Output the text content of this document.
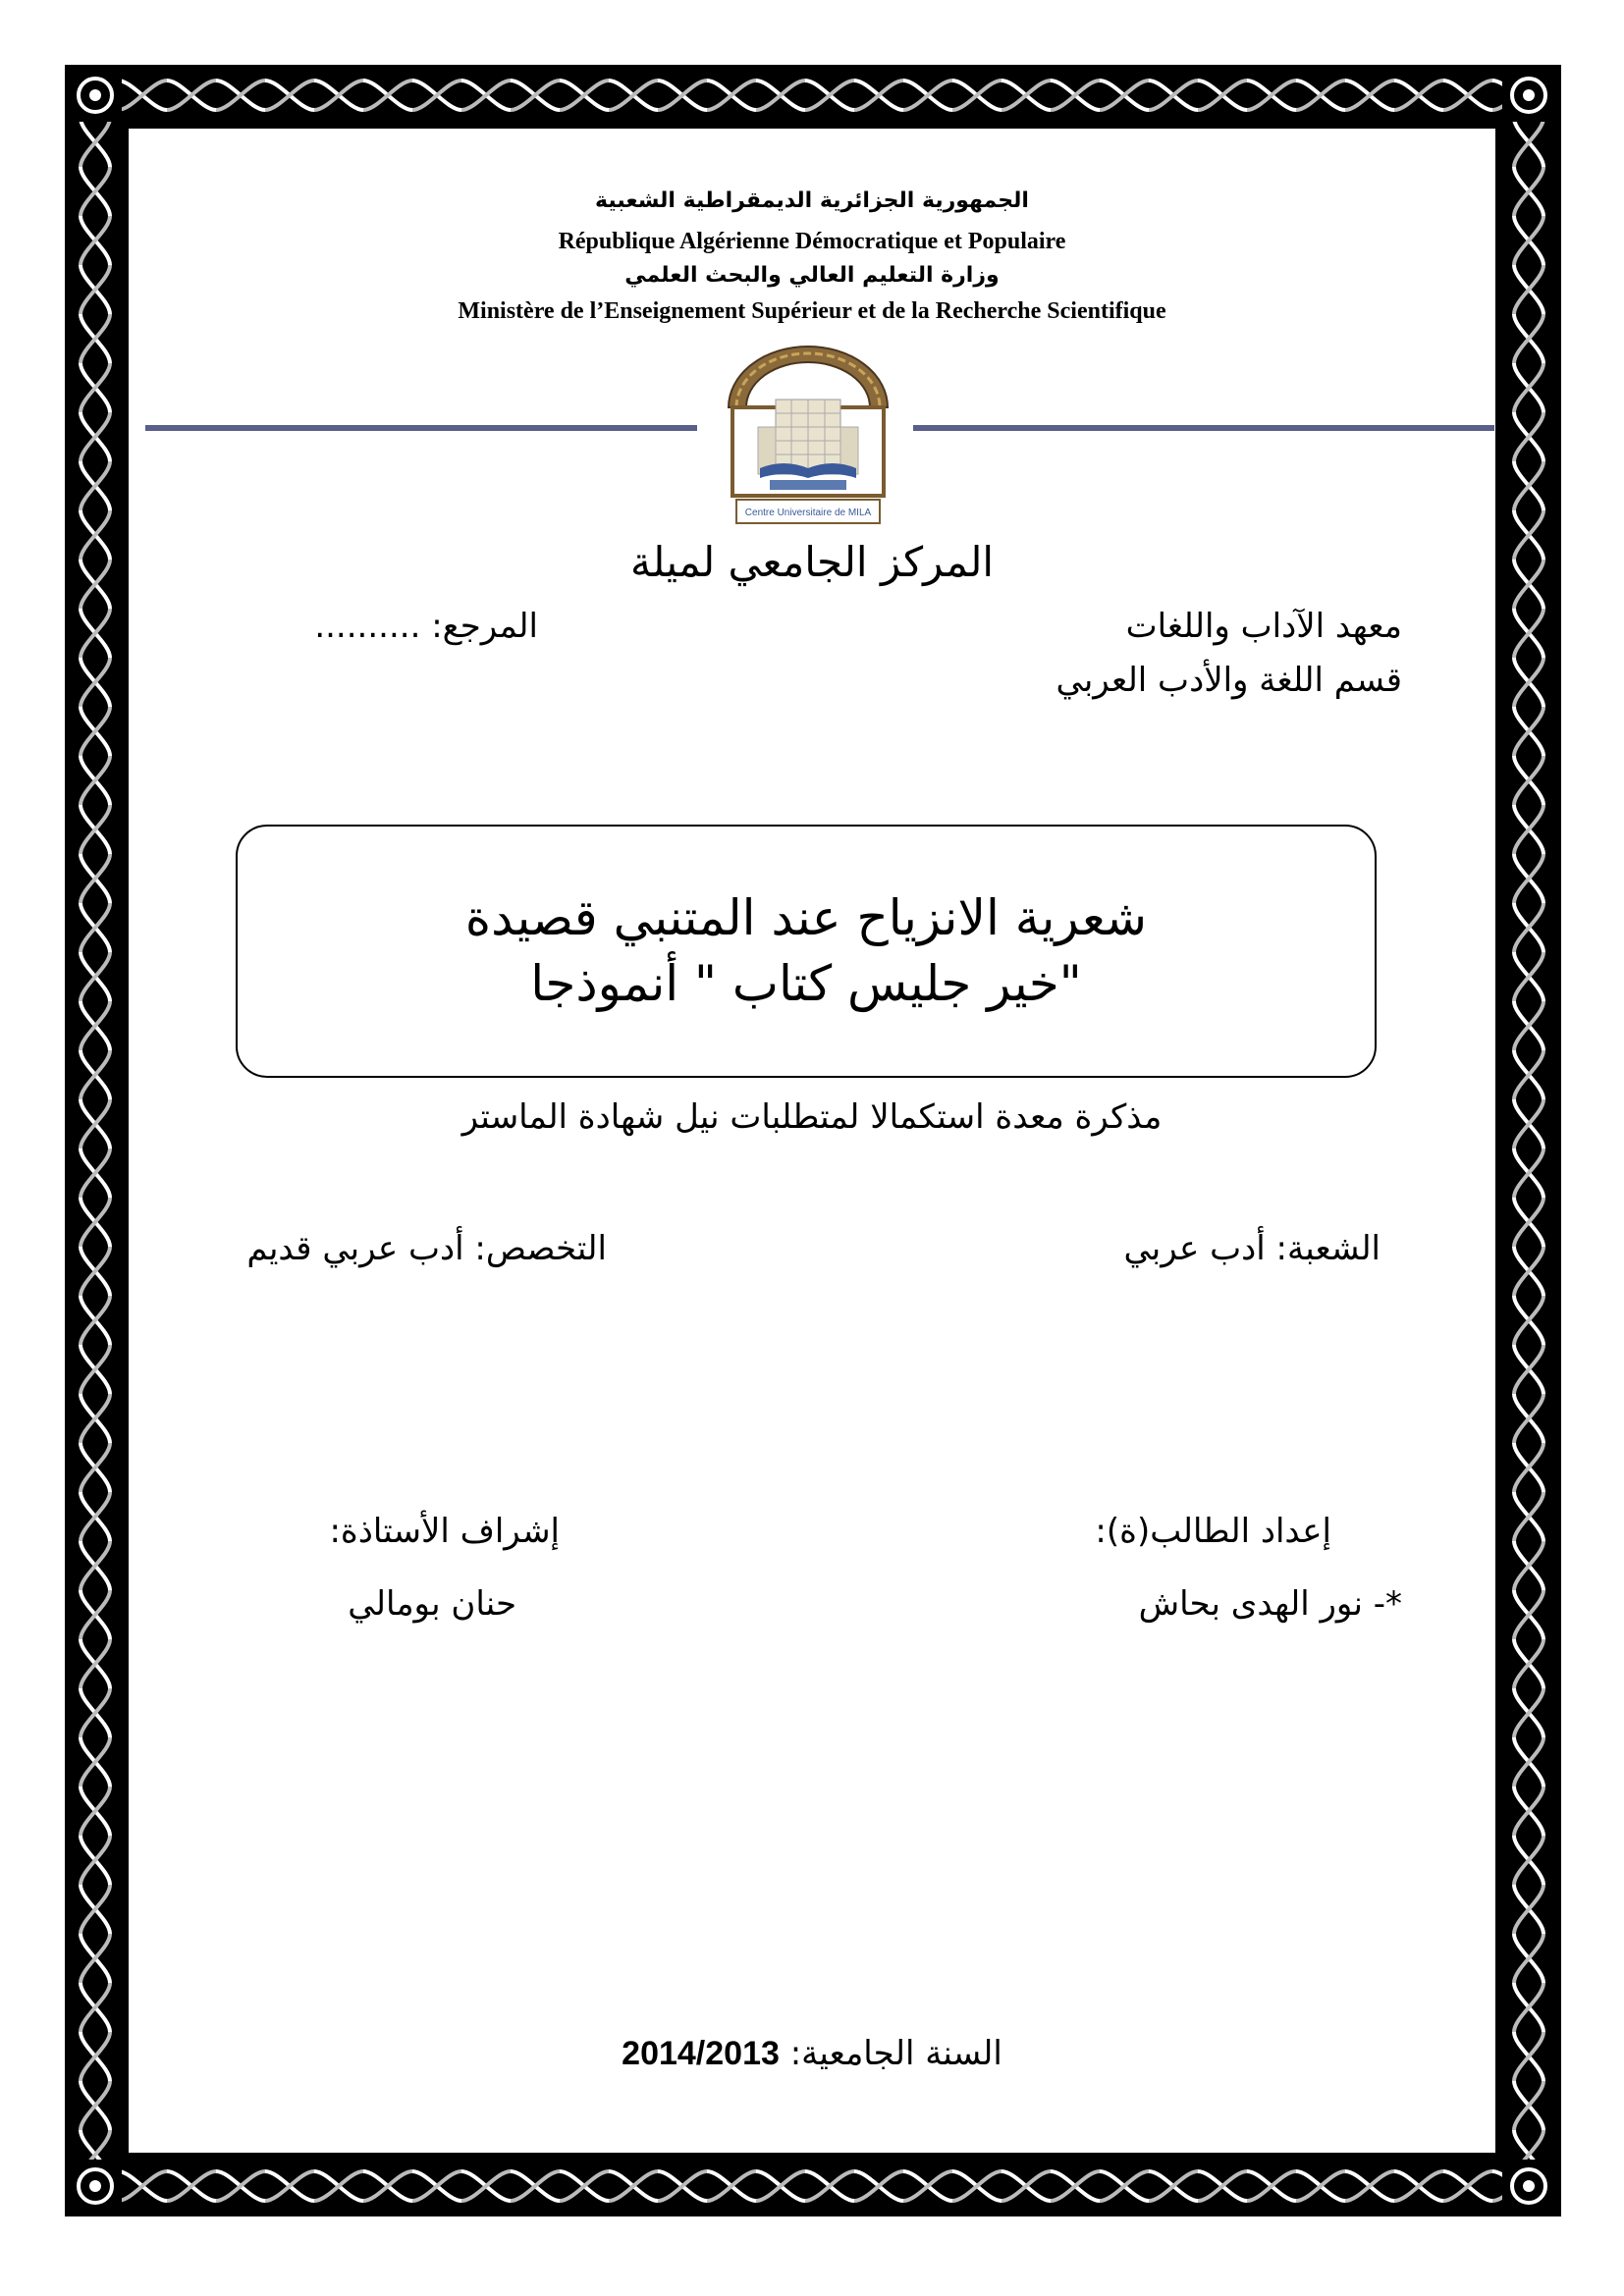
الجمهورية الجزائرية الديمقراطية الشعبية
République Algérienne Démocratique et Populaire
وزارة التعليم العالي والبحث العلمي
Ministère de l’Enseignement Supérieur et de la Recherche Scientifique
Centre Universitaire de MILA
المركز الجامعي لميلة
معهد الآداب واللغات
قسم اللغة والأدب العربي
المرجع: ..........
شعرية الانزياح عند المتنبي قصيدة
"خير جليس كتاب " أنموذجا
مذكرة معدة استكمالا لمتطلبات نيل شهادة الماستر
الشعبة: أدب عربي
التخصص: أدب عربي قديم
إعداد الطالب(ة):
*- نور الهدى بحاش
إشراف الأستاذة:
حنان بومالي
السنة الجامعية: 2014/2013
